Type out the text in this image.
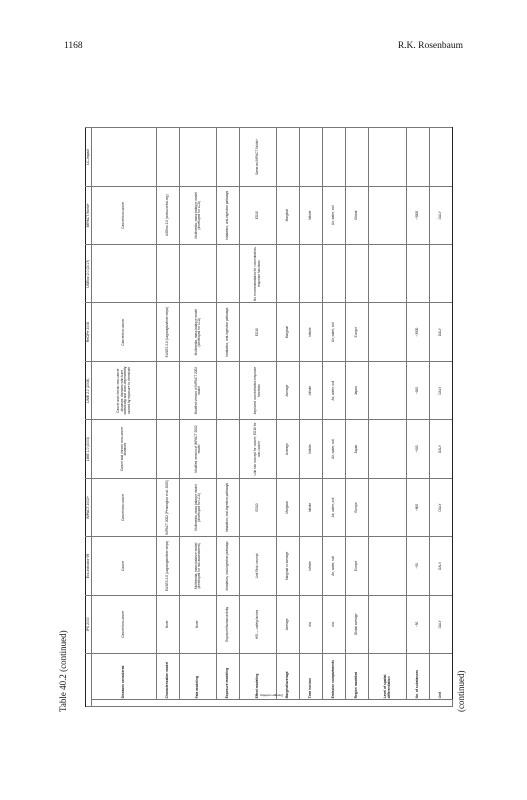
1168	R.K. Rosenbaum
Table 40.2 (continued)
(continued)
		IPS 2000	Eco-indicator 99	IMPACT 2002+	LIME 1.0 (2003)	LIME 2.0 (2008)	ReCiPe 2008	USEtox 2.0 (2017)	IMPACT World+	LC-Impact
Damage modeling	Diseases considered	Cancer/non-cancer	Cancer	Cancer/non-cancer	Cancer and chronic non-cancer diseases	Cancer and chronic non-cancer diseases: diseases which are statistically and dose-dependently caused by exposure to chemicals	Cancer/non-cancer		Cancer/non-cancer	
	Characterization model	None	EUSES 2.0 (Lagrangian/time steps)	IMPACT 2002 (Pennington et al. 2005)			EUSES 2.0 (Lagrangian/time steps)		USEtox 2.0 (www.usetox.org)	
	Fate modeling	None	Multimedia, mass balance model (developed for risk assessment)	Multimedia, mass balance model (developed for LCA)	Modified version of IMPACT 2002 model	Modified version of IMPACT 2002 model	Multimedia, mass balance model (developed for LCA)		Multimedia, mass balance model (developed for LCA)	
	Exposure modeling	Exposure/human activity	Inhalation, oral-ingestion pathways	Inhalation, oral-ingestion pathways			Inhalation, oral-ingestion pathways		Inhalation, oral-ingestion pathways	
	Effect modeling	HEI — safety factors	Unit Risk concept	ED10	Unit risk concept for cancer; ED10 for non-cancer	Improved concentration-response functions	ED10	No recommendation for concentration-response functions	ED10	Same as IMPACT World+
	Marginal/average	Average	Marginal or average	Marginal	Average	Average	Marginal		Marginal	
	Time horizon	n/a	Infinite	Infinite	Infinite	Infinite	Infinite		Infinite	
	Emission compartments	n/a	Air, water, soil	Air, water, soil	Air, water, soil	Air, water, soil	Air, water, soil		Air, water, soil	
	Region modelled	Global average	Europe	Europe	Japan	Japan	Europe		Global	
	Level of spatial differentiation									
	No. of substances	~50	~50	~800	~900	~900	~3000		~3000	
	Unit	DALY	DALY	DALY	DALY	DALY	DALY		DALY	
